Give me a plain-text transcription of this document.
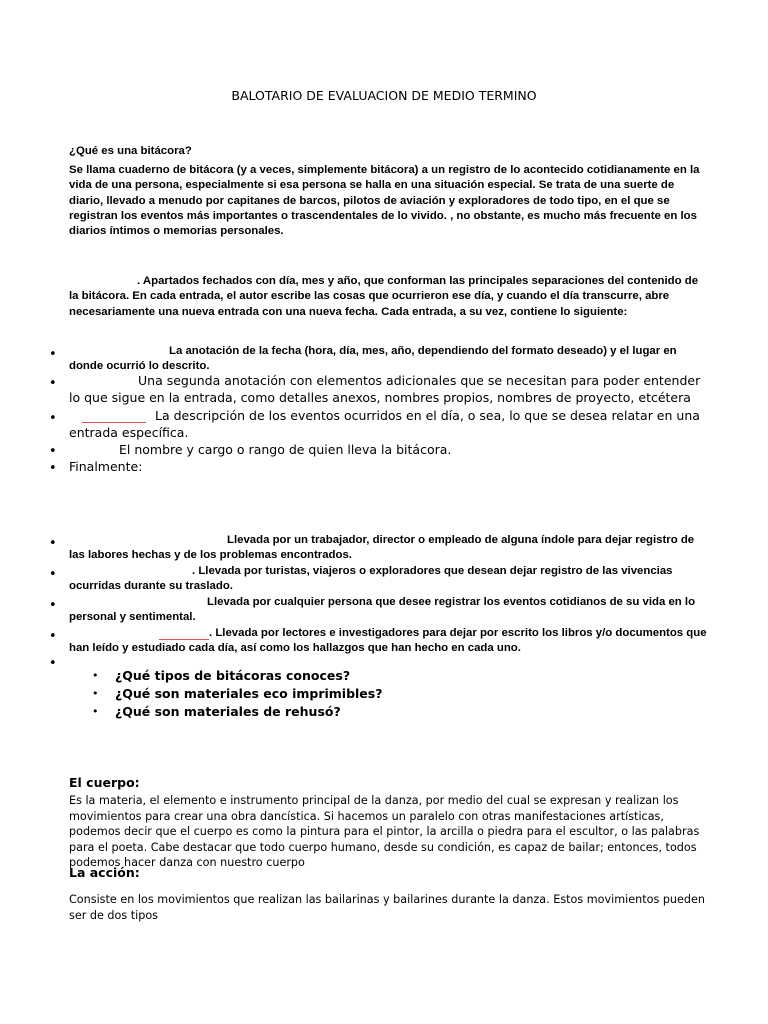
BALOTARIO DE EVALUACION DE MEDIO TERMINO
¿Qué es una bitácora?
Se llama cuaderno de bitácora (y a veces, simplemente bitácora) a un registro de lo acontecido cotidianamente en la vida de una persona, especialmente si esa persona se halla en una situación especial. Se trata de una suerte de diario, llevado a menudo por capitanes de barcos, pilotos de aviación y exploradores de todo tipo, en el que se registran los eventos más importantes o trascendentales de lo vivido. , no obstante, es mucho más frecuente en los diarios íntimos o memorias personales.
. Apartados fechados con día, mes y año, que conforman las principales separaciones del contenido de la bitácora. En cada entrada, el autor escribe las cosas que ocurrieron ese día, y cuando el día transcurre, abre necesariamente una nueva entrada con una nueva fecha. Cada entrada, a su vez, contiene lo siguiente:
•	La anotación de la fecha (hora, día, mes, año, dependiendo del formato deseado) y el lugar en donde ocurrió lo descrito.
•	Una segunda anotación con elementos adicionales que se necesitan para poder entender lo que sigue en la entrada, como detalles anexos, nombres propios, nombres de proyecto, etcétera
•	La descripción de los eventos ocurridos en el día, o sea, lo que se desea relatar en una entrada específica.
•	El nombre y cargo o rango de quien lleva la bitácora.
• Finalmente:
•	Llevada por un trabajador, director o empleado de alguna índole para dejar registro de las labores hechas y de los problemas encontrados.
•	. Llevada por turistas, viajeros o exploradores que desean dejar registro de las vivencias ocurridas durante su traslado.
•	Llevada por cualquier persona que desee registrar los eventos cotidianos de su vida en lo personal y sentimental.
•	. Llevada por lectores e investigadores para dejar por escrito los libros y/o documentos que han leído y estudiado cada día, así como los hallazgos que han hecho en cada uno.
•
• ¿Qué tipos de bitácoras conoces?
• ¿Qué son materiales eco imprimibles?
• ¿Qué son materiales de rehusó?
El cuerpo:
Es la materia, el elemento e instrumento principal de la danza, por medio del cual se expresan y realizan los movimientos para crear una obra dancística. Si hacemos un paralelo con otras manifestaciones artísticas, podemos decir que el cuerpo es como la pintura para el pintor, la arcilla o piedra para el escultor, o las palabras para el poeta. Cabe destacar que todo cuerpo humano, desde su condición, es capaz de bailar; entonces, todos podemos hacer danza con nuestro cuerpo
La acción:
Consiste en los movimientos que realizan las bailarinas y bailarines durante la danza. Estos movimientos pueden ser de dos tipos
